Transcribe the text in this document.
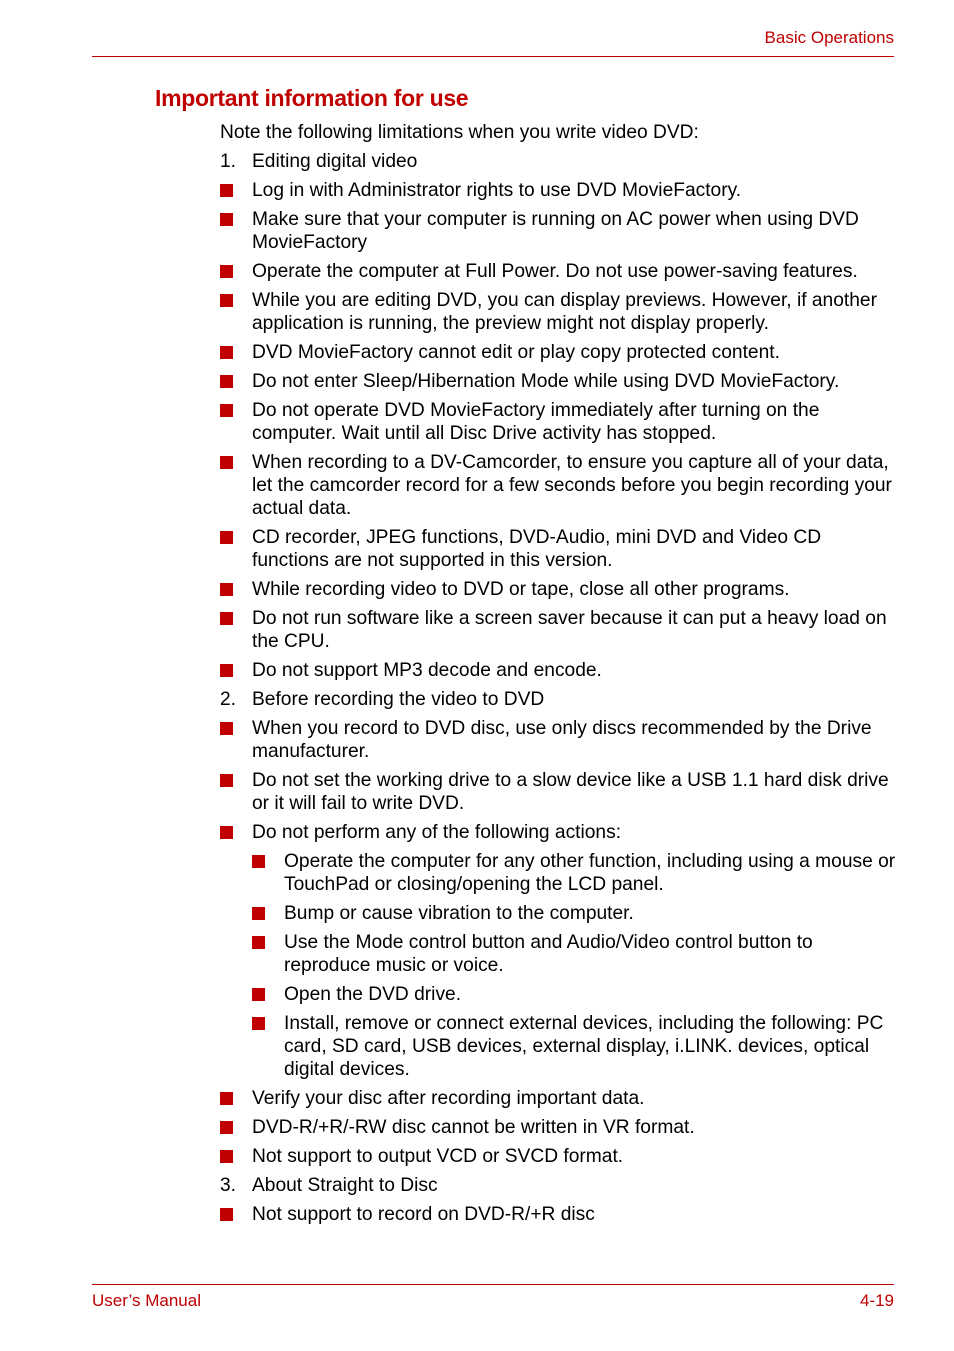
Basic Operations
Important information for use
Note the following limitations when you write video DVD:
1. Editing digital video
Log in with Administrator rights to use DVD MovieFactory.
Make sure that your computer is running on AC power when using DVD MovieFactory
Operate the computer at Full Power. Do not use power-saving features.
While you are editing DVD, you can display previews. However, if another application is running, the preview might not display properly.
DVD MovieFactory cannot edit or play copy protected content.
Do not enter Sleep/Hibernation Mode while using DVD MovieFactory.
Do not operate DVD MovieFactory immediately after turning on the computer. Wait until all Disc Drive activity has stopped.
When recording to a DV-Camcorder, to ensure you capture all of your data, let the camcorder record for a few seconds before you begin recording your actual data.
CD recorder, JPEG functions, DVD-Audio, mini DVD and Video CD functions are not supported in this version.
While recording video to DVD or tape, close all other programs.
Do not run software like a screen saver because it can put a heavy load on the CPU.
Do not support MP3 decode and encode.
2. Before recording the video to DVD
When you record to DVD disc, use only discs recommended by the Drive manufacturer.
Do not set the working drive to a slow device like a USB 1.1 hard disk drive or it will fail to write DVD.
Do not perform any of the following actions:
Operate the computer for any other function, including using a mouse or TouchPad or closing/opening the LCD panel.
Bump or cause vibration to the computer.
Use the Mode control button and Audio/Video control button to reproduce music or voice.
Open the DVD drive.
Install, remove or connect external devices, including the following: PC card, SD card, USB devices, external display, i.LINK. devices, optical digital devices.
Verify your disc after recording important data.
DVD-R/+R/-RW disc cannot be written in VR format.
Not support to output VCD or SVCD format.
3. About Straight to Disc
Not support to record on DVD-R/+R disc
User’s Manual	4-19
